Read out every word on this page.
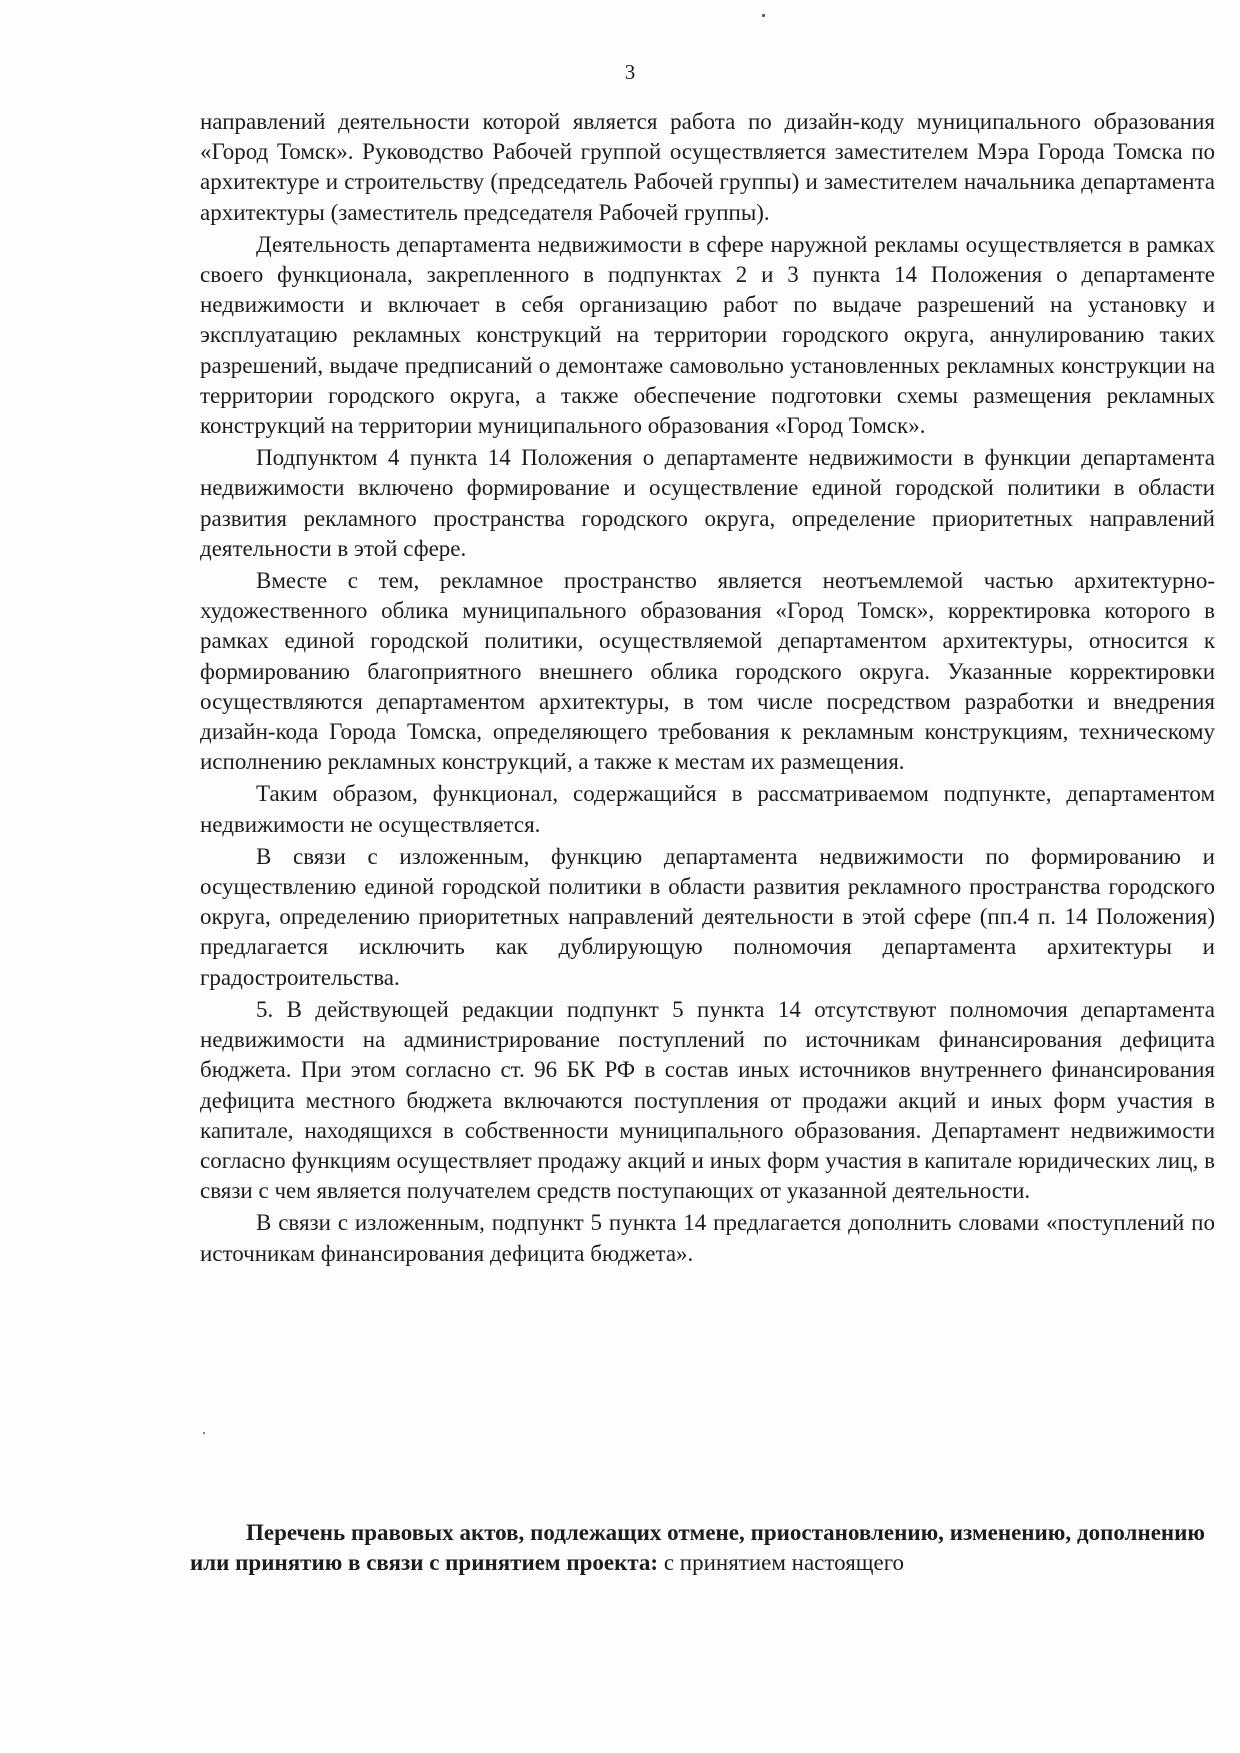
3

направлений деятельности которой является работа по дизайн-коду муниципального образования «Город Томск». Руководство Рабочей группой осуществляется заместителем Мэра Города Томска по архитектуре и строительству (председатель Рабочей группы) и заместителем начальника департамента архитектуры (заместитель председателя Рабочей группы).

Деятельность департамента недвижимости в сфере наружной рекламы осуществляется в рамках своего функционала, закрепленного в подпунктах 2 и 3 пункта 14 Положения о департаменте недвижимости и включает в себя организацию работ по выдаче разрешений на установку и эксплуатацию рекламных конструкций на территории городского округа, аннулированию таких разрешений, выдаче предписаний о демонтаже самовольно установленных рекламных конструкции на территории городского округа, а также обеспечение подготовки схемы размещения рекламных конструкций на территории муниципального образования «Город Томск».

Подпунктом 4 пункта 14 Положения о департаменте недвижимости в функции департамента недвижимости включено формирование и осуществление единой городской политики в области развития рекламного пространства городского округа, определение приоритетных направлений деятельности в этой сфере.

Вместе с тем, рекламное пространство является неотъемлемой частью архитектурно-художественного облика муниципального образования «Город Томск», корректировка которого в рамках единой городской политики, осуществляемой департаментом архитектуры, относится к формированию благоприятного внешнего облика городского округа. Указанные корректировки осуществляются департаментом архитектуры, в том числе посредством разработки и внедрения дизайн-кода Города Томска, определяющего требования к рекламным конструкциям, техническому исполнению рекламных конструкций, а также к местам их размещения.

Таким образом, функционал, содержащийся в рассматриваемом подпункте, департаментом недвижимости не осуществляется.

В связи с изложенным, функцию департамента недвижимости по формированию и осуществлению единой городской политики в области развития рекламного пространства городского округа, определению приоритетных направлений деятельности в этой сфере (пп.4 п. 14 Положения) предлагается исключить как дублирующую полномочия департамента архитектуры и градостроительства.

5. В действующей редакции подпункт 5 пункта 14 отсутствуют полномочия департамента недвижимости на администрирование поступлений по источникам финансирования дефицита бюджета. При этом согласно ст. 96 БК РФ в состав иных источников внутреннего финансирования дефицита местного бюджета включаются поступления от продажи акций и иных форм участия в капитале, находящихся в собственности муниципального образования. Департамент недвижимости согласно функциям осуществляет продажу акций и иных форм участия в капитале юридических лиц, в связи с чем является получателем средств поступающих от указанной деятельности.

В связи с изложенным, подпункт 5 пункта 14 предлагается дополнить словами «поступлений по источникам финансирования дефицита бюджета».

Перечень правовых актов, подлежащих отмене, приостановлению, изменению, дополнению или принятию в связи с принятием проекта: с принятием настоящего
